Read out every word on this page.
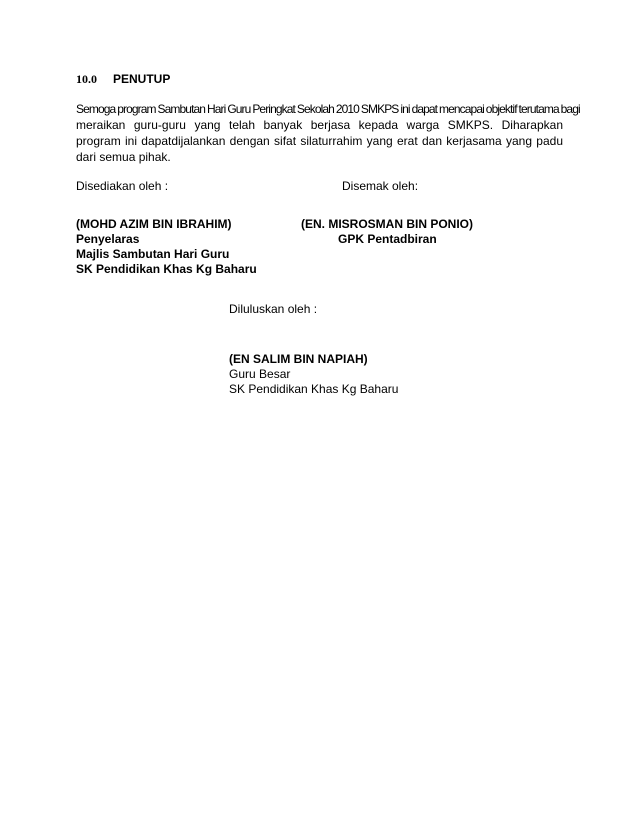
10.0 PENUTUP
Semoga program Sambutan Hari Guru Peringkat Sekolah 2010 SMKPS ini dapat mencapai objektif terutama bagi
meraikan guru-guru yang telah banyak berjasa kepada warga SMKPS. Diharapkan program ini dapatdijalankan dengan sifat silaturrahim yang erat dan kerjasama yang padu dari semua pihak.
Disediakan oleh :
(MOHD AZIM BIN IBRAHIM)
Penyelaras
Majlis Sambutan Hari Guru
SK Pendidikan Khas Kg Baharu
Disemak oleh:
(EN. MISROSMAN BIN PONIO)
GPK Pentadbiran
Diluluskan oleh :
(EN SALIM BIN NAPIAH)
Guru Besar
SK Pendidikan Khas Kg Baharu
